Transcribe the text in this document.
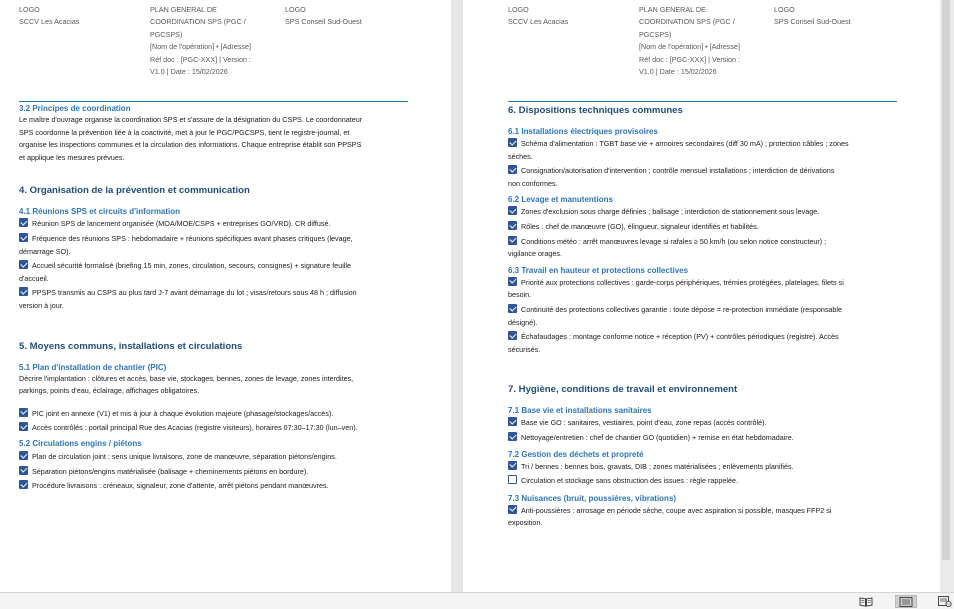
LOGO
SCCV Les Acacias
PLAN GENERAL DE
COORDINATION SPS (PGC /
PGCSPS)
[Nom de l'opération] • [Adresse]
Réf doc : [PGC-XXX] | Version :
V1.0 | Date : 15/02/2026
LOGO
SPS Conseil Sud-Ouest
3.2 Principes de coordination
Le maître d'ouvrage organise la coordination SPS et s'assure de la désignation du CSPS. Le coordonnateur
SPS coordonne la prévention liée à la coactivité, met à jour le PGC/PGCSPS, tient le registre-journal, et
organise les inspections communes et la circulation des informations. Chaque entreprise établit son PPSPS
et applique les mesures prévues.
4. Organisation de la prévention et communication
4.1 Réunions SPS et circuits d'information
Réunion SPS de lancement organisée (MOA/MOE/CSPS + entreprises GO/VRD). CR diffusé.
Fréquence des réunions SPS : hebdomadaire + réunions spécifiques avant phases critiques (levage,
démarrage SO).
Accueil sécurité formalisé (briefing 15 min, zones, circulation, secours, consignes) + signature feuille
d'accueil.
PPSPS transmis au CSPS au plus tard J-7 avant démarrage du lot ; visas/retours sous 48 h ; diffusion
version à jour.
5. Moyens communs, installations et circulations
5.1 Plan d'installation de chantier (PIC)
Décrire l'implantation : clôtures et accès, base vie, stockages, bennes, zones de levage, zones interdites,
parkings, points d'eau, éclairage, affichages obligatoires.
PIC joint en annexe (V1) et mis à jour à chaque évolution majeure (phasage/stockages/accès).
Accès contrôlés : portail principal Rue des Acacias (registre visiteurs), horaires 07:30–17:30 (lun–ven).
5.2 Circulations engins / piétons
Plan de circulation joint : sens unique livraisons, zone de manœuvre, séparation piétons/engins.
Séparation piétons/engins matérialisée (balisage + cheminements piétons en bordure).
Procédure livraisons : créneaux, signaleur, zone d'attente, arrêt piétons pendant manœuvres.
LOGO
SCCV Les Acacias
PLAN GENERAL DE
COORDINATION SPS (PGC /
PGCSPS)
[Nom de l'opération] • [Adresse]
Réf doc : [PGC-XXX] | Version :
V1.0 | Date : 15/02/2026
LOGO
SPS Conseil Sud-Ouest
6. Dispositions techniques communes
6.1 Installations électriques provisoires
Schéma d'alimentation : TGBT base vie + armoires secondaires (diff 30 mA) ; protection câbles ; zones
sèches.
Consignation/autorisation d'intervention ; contrôle mensuel installations ; interdiction de dérivations
non conformes.
6.2 Levage et manutentions
Zones d'exclusion sous charge définies ; balisage ; interdiction de stationnement sous levage.
Rôles : chef de manœuvre (GO), élingueur, signaleur identifiés et habilités.
Conditions météo : arrêt manœuvres levage si rafales ≥ 50 km/h (ou selon notice constructeur) ;
vigilance orages.
6.3 Travail en hauteur et protections collectives
Priorité aux protections collectives : garde-corps périphériques, trémies protégées, platelages, filets si
besoin.
Continuité des protections collectives garantie : toute dépose = re-protection immédiate (responsable
désigné).
Échafaudages : montage conforme notice + réception (PV) + contrôles périodiques (registre). Accès
sécurisés.
7. Hygiène, conditions de travail et environnement
7.1 Base vie et installations sanitaires
Base vie GO : sanitaires, vestiaires, point d'eau, zone repas (accès contrôlé).
Nettoyage/entretien : chef de chantier GO (quotidien) + remise en état hebdomadaire.
7.2 Gestion des déchets et propreté
Tri / bennes : bennes bois, gravats, DIB ; zones matérialisées ; enlèvements planifiés.
Circulation et stockage sans obstruction des issues : règle rappelée.
7.3 Nuisances (bruit, poussières, vibrations)
Anti-poussières : arrosage en période sèche, coupe avec aspiration si possible, masques FFP2 si
exposition.
